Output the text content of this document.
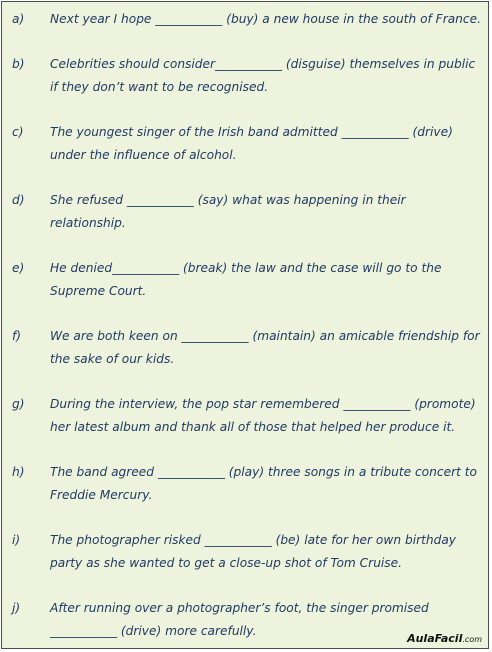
a)	Next year I hope ___________ (buy) a new house in the south of France.
b)	Celebrities should consider___________ (disguise) themselves in public if they don’t want to be recognised.
c)	The youngest singer of the Irish band admitted ___________ (drive) under the influence of alcohol.
d)	She refused ___________ (say) what was happening in their relationship.
e)	He denied___________ (break) the law and the case will go to the Supreme Court.
f)	We are both keen on ___________ (maintain) an amicable friendship for the sake of our kids.
g)	During the interview, the pop star remembered ___________ (promote) her latest album and thank all of those that helped her produce it.
h)	The band agreed ___________ (play) three songs in a tribute concert to Freddie Mercury.
i)	The photographer risked ___________ (be) late for her own birthday party as she wanted to get a close-up shot of Tom Cruise.
j)	After running over a photographer’s foot, the singer promised ___________ (drive) more carefully.
AulaFacil.com
